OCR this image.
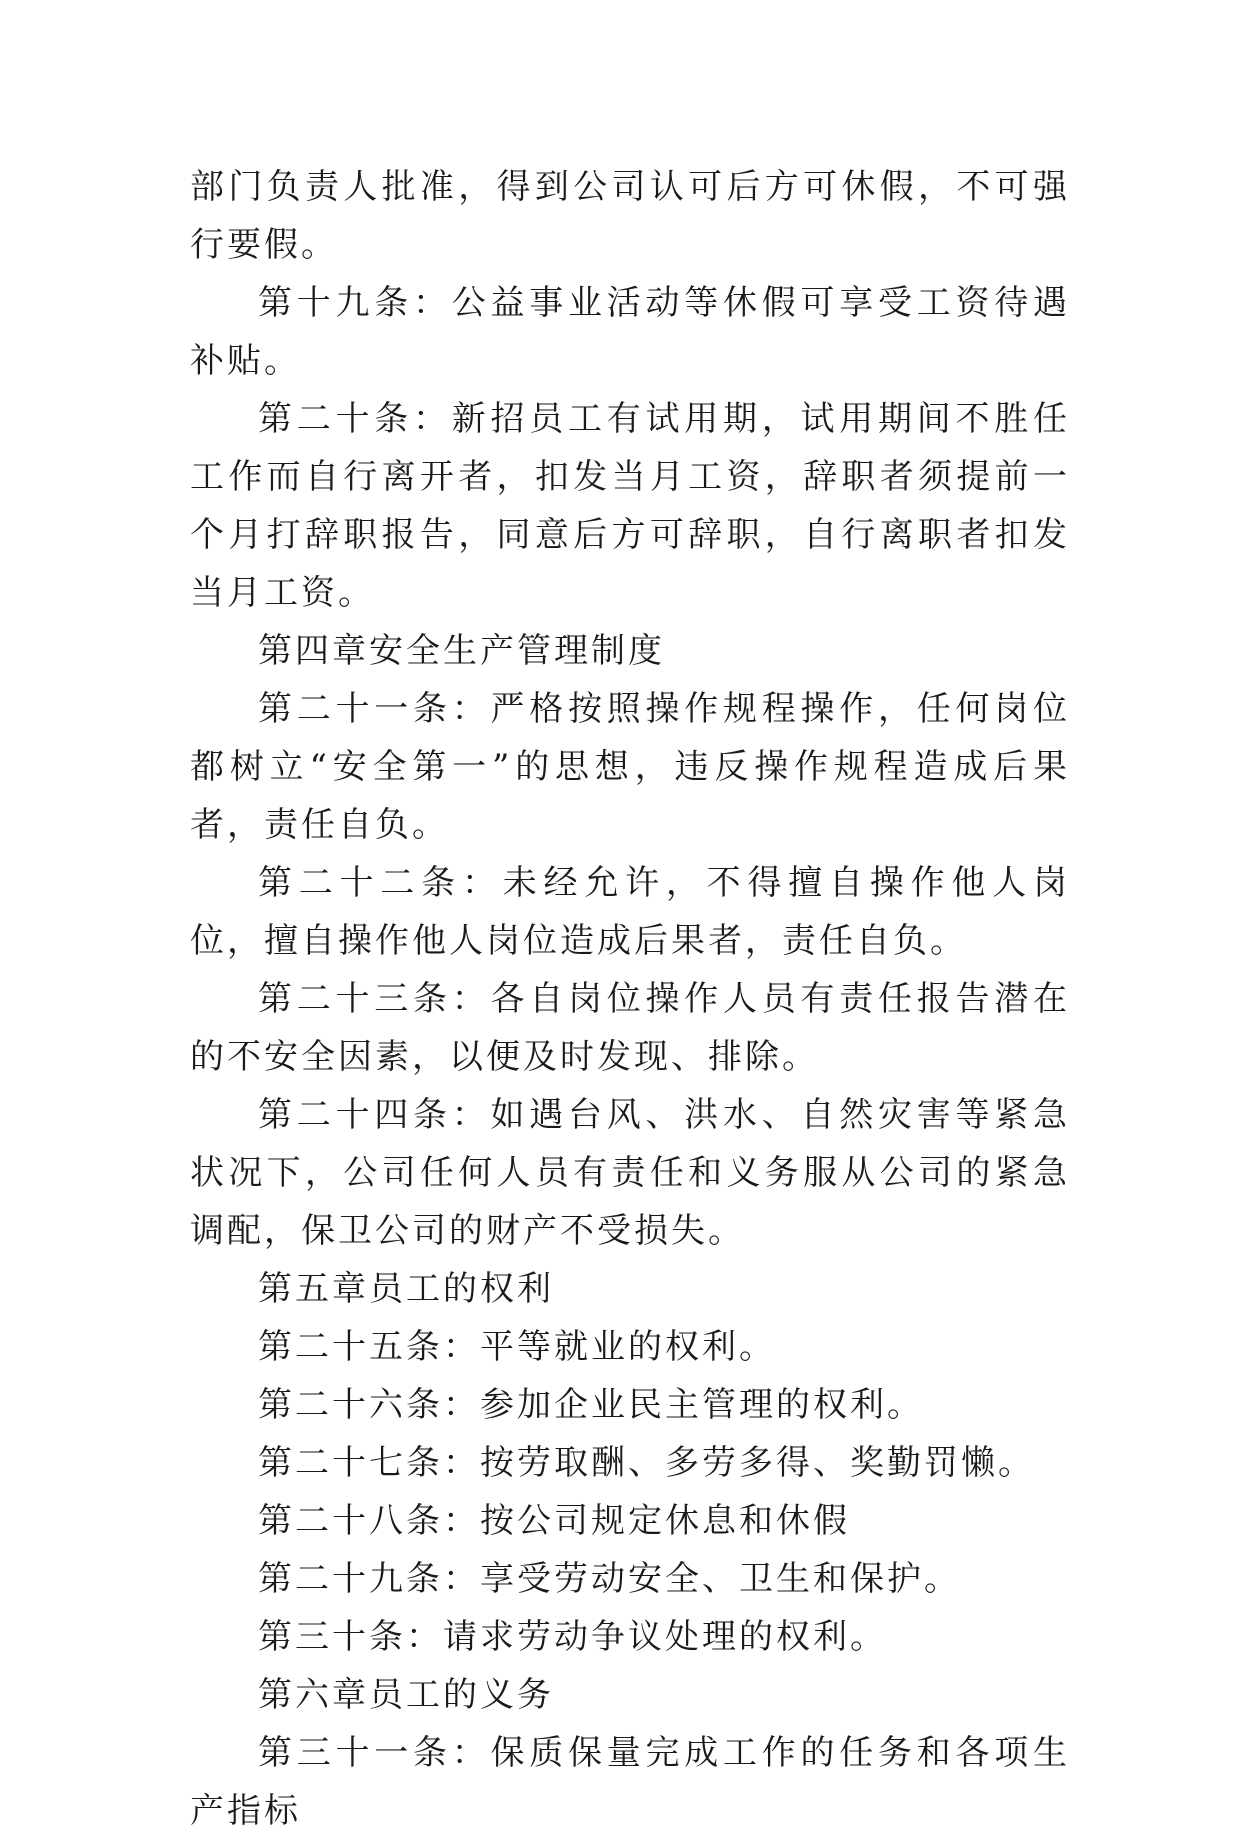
部门负责人批准，得到公司认可后方可休假，不可强行要假。

第十九条：公益事业活动等休假可享受工资待遇补贴。

第二十条：新招员工有试用期，试用期间不胜任工作而自行离开者，扣发当月工资，辞职者须提前一个月打辞职报告，同意后方可辞职，自行离职者扣发当月工资。

第四章安全生产管理制度

第二十一条：严格按照操作规程操作，任何岗位都树立“安全第一”的思想，违反操作规程造成后果者，责任自负。

第二十二条：未经允许，不得擅自操作他人岗位，擅自操作他人岗位造成后果者，责任自负。

第二十三条：各自岗位操作人员有责任报告潜在的不安全因素，以便及时发现、排除。

第二十四条：如遇台风、洪水、自然灾害等紧急状况下，公司任何人员有责任和义务服从公司的紧急调配，保卫公司的财产不受损失。

第五章员工的权利

第二十五条：平等就业的权利。

第二十六条：参加企业民主管理的权利。

第二十七条：按劳取酬、多劳多得、奖勤罚懒。

第二十八条：按公司规定休息和休假

第二十九条：享受劳动安全、卫生和保护。

第三十条：请求劳动争议处理的权利。

第六章员工的义务

第三十一条：保质保量完成工作的任务和各项生产指标
